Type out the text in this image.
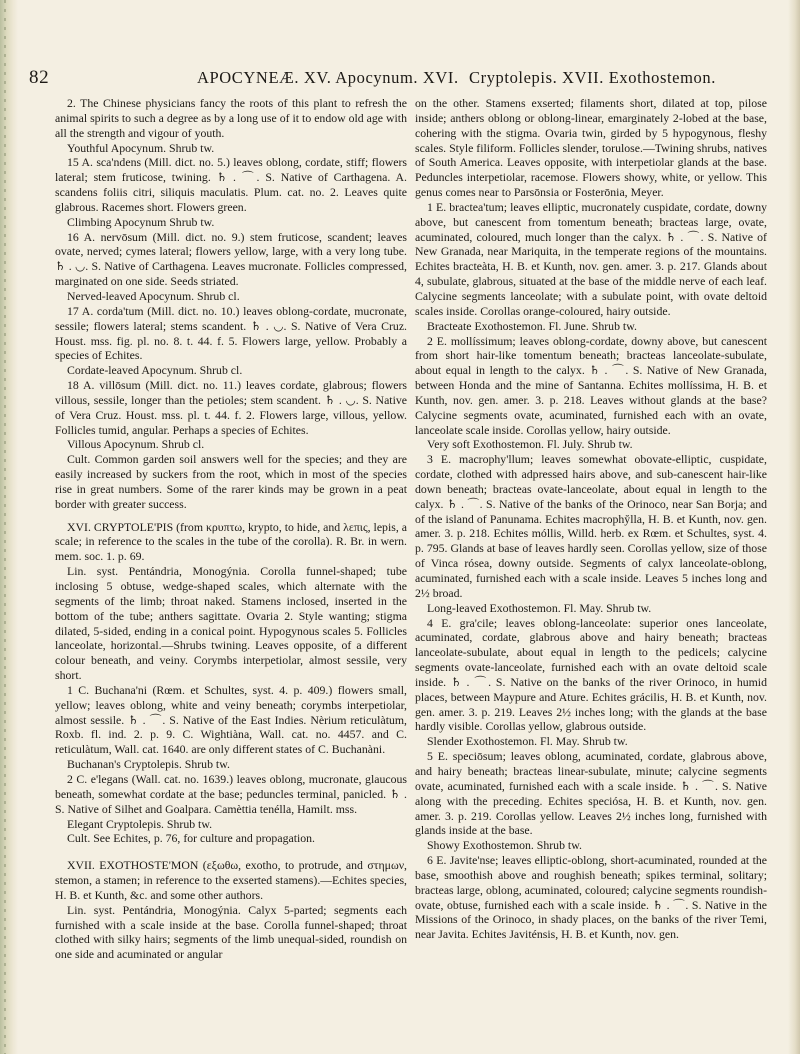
82	APOCYNEÆ. XV. Apocynum. XVI. Cryptolepis. XVII. Exothostemon.

2. The Chinese physicians fancy the roots of this plant to refresh the animal spirits to such a degree as by a long use of it to endow old age with all the strength and vigour of youth.

Youthful Apocynum. Shrub tw.

15 A. sca'ndens (Mill. dict. no. 5.) leaves oblong, cordate, stiff; flowers lateral; stem fruticose, twining. ♄ . ⌒. S. Native of Carthagena. A. scandens foliis citri, siliquis maculatis. Plum. cat. no. 2. Leaves quite glabrous. Racemes short. Flowers green.

Climbing Apocynum Shrub tw.

16 A. nervōsum (Mill. dict. no. 9.) stem fruticose, scandent; leaves ovate, nerved; cymes lateral; flowers yellow, large, with a very long tube. ♄ . ◡. S. Native of Carthagena. Leaves mucronate. Follicles compressed, marginated on one side. Seeds striated.

Nerved-leaved Apocynum. Shrub cl.

17 A. corda'tum (Mill. dict. no. 10.) leaves oblong-cordate, mucronate, sessile; flowers lateral; stems scandent. ♄ . ◡. S. Native of Vera Cruz. Houst. mss. fig. pl. no. 8. t. 44. f. 5. Flowers large, yellow. Probably a species of Echites.

Cordate-leaved Apocynum. Shrub cl.

18 A. villōsum (Mill. dict. no. 11.) leaves cordate, glabrous; flowers villous, sessile, longer than the petioles; stem scandent. ♄ . ◡. S. Native of Vera Cruz. Houst. mss. pl. t. 44. f. 2. Flowers large, villous, yellow. Follicles tumid, angular. Perhaps a species of Echites.

Villous Apocynum. Shrub cl.

Cult. Common garden soil answers well for the species; and they are easily increased by suckers from the root, which in most of the species rise in great numbers. Some of the rarer kinds may be grown in a peat border with greater success.

XVI. CRYPTOLE'PIS (from κρυπτω, krypto, to hide, and λεπις, lepis, a scale; in reference to the scales in the tube of the corolla). R. Br. in wern. mem. soc. 1. p. 69.

Lin. syst. Pentándria, Monogýnia. Corolla funnel-shaped; tube inclosing 5 obtuse, wedge-shaped scales, which alternate with the segments of the limb; throat naked. Stamens inclosed, inserted in the bottom of the tube; anthers sagittate. Ovaria 2. Style wanting; stigma dilated, 5-sided, ending in a conical point. Hypogynous scales 5. Follicles lanceolate, horizontal.—Shrubs twining. Leaves opposite, of a different colour beneath, and veiny. Corymbs interpetiolar, almost sessile, very short.

1 C. Buchana'ni (Rœm. et Schultes, syst. 4. p. 409.) flowers small, yellow; leaves oblong, white and veiny beneath; corymbs interpetiolar, almost sessile. ♄ . ⌒. S. Native of the East Indies. Nèrium reticulàtum, Roxb. fl. ind. 2. p. 9. C. Wightiàna, Wall. cat. no. 4457. and C. reticulàtum, Wall. cat. 1640. are only different states of C. Buchanàni.

Buchanan's Cryptolepis. Shrub tw.

2 C. e'legans (Wall. cat. no. 1639.) leaves oblong, mucronate, glaucous beneath, somewhat cordate at the base; peduncles terminal, panicled. ♄ . S. Native of Silhet and Goalpara. Camèttia tenélla, Hamilt. mss.

Elegant Cryptolepis. Shrub tw.

Cult. See Echites, p. 76, for culture and propagation.

XVII. EXOTHOSTE'MON (εξωθω, exotho, to protrude, and στημων, stemon, a stamen; in reference to the exserted stamens).—Echites species, H. B. et Kunth, &c. and some other authors.

Lin. syst. Pentándria, Monogýnia. Calyx 5-parted; segments each furnished with a scale inside at the base. Corolla funnel-shaped; throat clothed with silky hairs; segments of the limb unequal-sided, roundish on one side and acuminated or angular

on the other. Stamens exserted; filaments short, dilated at top, pilose inside; anthers oblong or oblong-linear, emarginately 2-lobed at the base, cohering with the stigma. Ovaria twin, girded by 5 hypogynous, fleshy scales. Style filiform. Follicles slender, torulose.—Twining shrubs, natives of South America. Leaves opposite, with interpetiolar glands at the base. Peduncles interpetiolar, racemose. Flowers showy, white, or yellow. This genus comes near to Parsōnsia or Fosterōnia, Meyer.

1 E. bractea'tum; leaves elliptic, mucronately cuspidate, cordate, downy above, but canescent from tomentum beneath; bracteas large, ovate, acuminated, coloured, much longer than the calyx. ♄ . ⌒. S. Native of New Granada, near Mariquita, in the temperate regions of the mountains. Echites bracteàta, H. B. et Kunth, nov. gen. amer. 3. p. 217. Glands about 4, subulate, glabrous, situated at the base of the middle nerve of each leaf. Calycine segments lanceolate; with a subulate point, with ovate deltoid scales inside. Corollas orange-coloured, hairy outside.

Bracteate Exothostemon. Fl. June. Shrub tw.

2 E. mollíssimum; leaves oblong-cordate, downy above, but canescent from short hair-like tomentum beneath; bracteas lanceolate-subulate, about equal in length to the calyx. ♄ . ⌒. S. Native of New Granada, between Honda and the mine of Santanna. Echites mollíssima, H. B. et Kunth, nov. gen. amer. 3. p. 218. Leaves without glands at the base? Calycine segments ovate, acuminated, furnished each with an ovate, lanceolate scale inside. Corollas yellow, hairy outside.

Very soft Exothostemon. Fl. July. Shrub tw.

3 E. macrophy'llum; leaves somewhat obovate-elliptic, cuspidate, cordate, clothed with adpressed hairs above, and sub-canescent hair-like down beneath; bracteas ovate-lanceolate, about equal in length to the calyx. ♄ . ⌒. S. Native of the banks of the Orinoco, near San Borja; and of the island of Panunama. Echites macrophy̆lla, H. B. et Kunth, nov. gen. amer. 3. p. 218. Echites móllis, Willd. herb. ex Rœm. et Schultes, syst. 4. p. 795. Glands at base of leaves hardly seen. Corollas yellow, size of those of Vinca rósea, downy outside. Segments of calyx lanceolate-oblong, acuminated, furnished each with a scale inside. Leaves 5 inches long and 2½ broad.

Long-leaved Exothostemon. Fl. May. Shrub tw.

4 E. gra'cile; leaves oblong-lanceolate: superior ones lanceolate, acuminated, cordate, glabrous above and hairy beneath; bracteas lanceolate-subulate, about equal in length to the pedicels; calycine segments ovate-lanceolate, furnished each with an ovate deltoid scale inside. ♄ . ⌒. S. Native on the banks of the river Orinoco, in humid places, between Maypure and Ature. Echites grácilis, H. B. et Kunth, nov. gen. amer. 3. p. 219. Leaves 2½ inches long; with the glands at the base hardly visible. Corollas yellow, glabrous outside.

Slender Exothostemon. Fl. May. Shrub tw.

5 E. speciōsum; leaves oblong, acuminated, cordate, glabrous above, and hairy beneath; bracteas linear-subulate, minute; calycine segments ovate, acuminated, furnished each with a scale inside. ♄ . ⌒. S. Native along with the preceding. Echites speciósa, H. B. et Kunth, nov. gen. amer. 3. p. 219. Corollas yellow. Leaves 2½ inches long, furnished with glands inside at the base.

Showy Exothostemon. Shrub tw.

6 E. Javite'nse; leaves elliptic-oblong, short-acuminated, rounded at the base, smoothish above and roughish beneath; spikes terminal, solitary; bracteas large, oblong, acuminated, coloured; calycine segments roundish-ovate, obtuse, furnished each with a scale inside. ♄ . ⌒. S. Native in the Missions of the Orinoco, in shady places, on the banks of the river Temi, near Javita. Echites Javiténsis, H. B. et Kunth, nov. gen.
